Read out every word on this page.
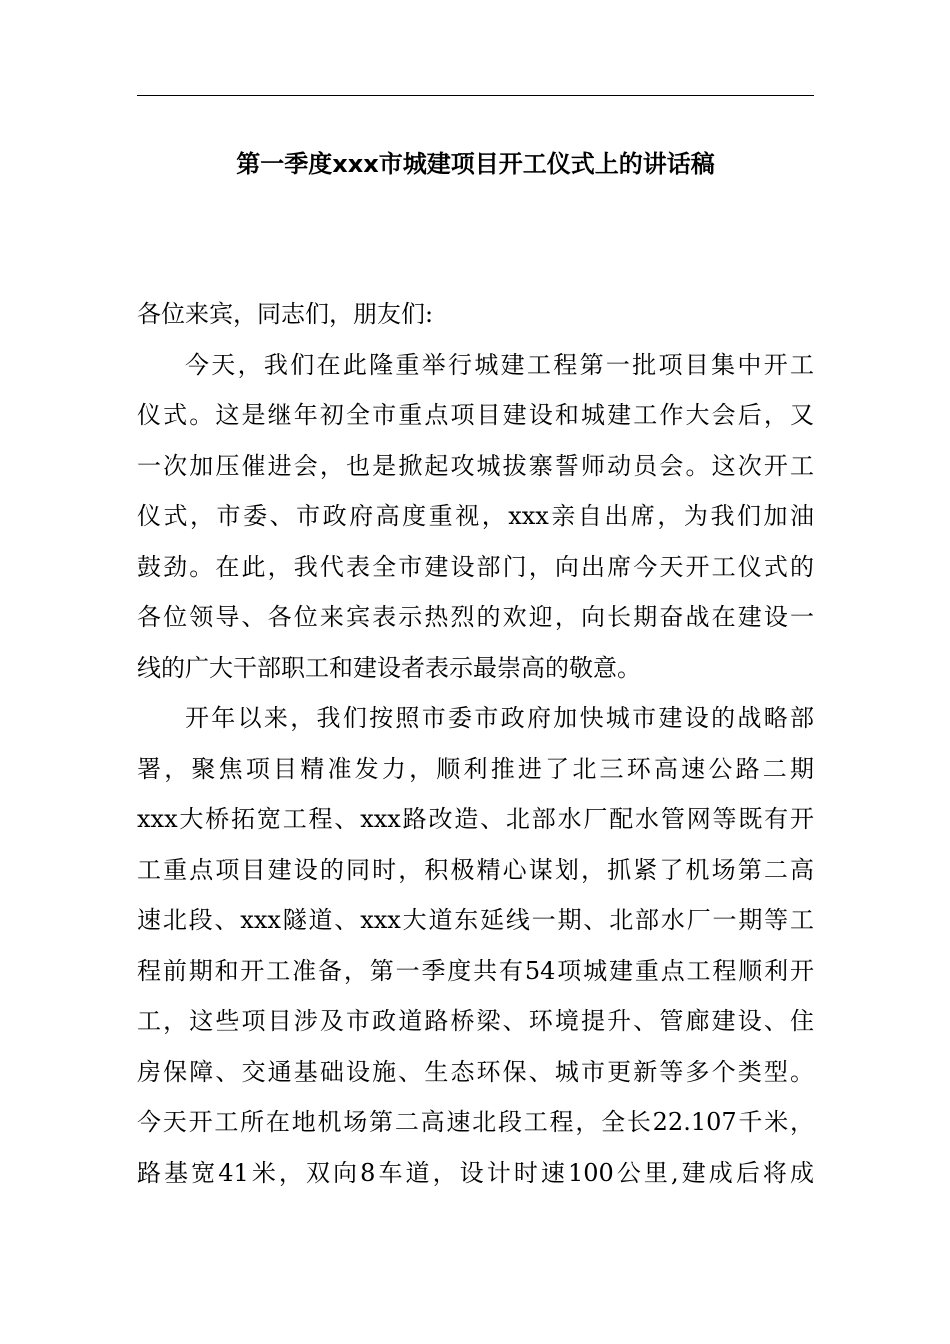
第一季度xxx市城建项目开工仪式上的讲话稿
各位来宾，同志们，朋友们:
今天，我们在此隆重举行城建工程第一批项目集中开工
仪式。这是继年初全市重点项目建设和城建工作大会后，又
一次加压催进会，也是掀起攻城拔寨誓师动员会。这次开工
仪式，市委、市政府高度重视，xxx亲自出席，为我们加油
鼓劲。在此，我代表全市建设部门，向出席今天开工仪式的
各位领导、各位来宾表示热烈的欢迎，向长期奋战在建设一
线的广大干部职工和建设者表示最崇高的敬意。
开年以来，我们按照市委市政府加快城市建设的战略部
署，聚焦项目精准发力，顺利推进了北三环高速公路二期
xxx大桥拓宽工程、xxx路改造、北部水厂配水管网等既有开
工重点项目建设的同时，积极精心谋划，抓紧了机场第二高
速北段、xxx隧道、xxx大道东延线一期、北部水厂一期等工
程前期和开工准备，第一季度共有54项城建重点工程顺利开
工，这些项目涉及市政道路桥梁、环境提升、管廊建设、住
房保障、交通基础设施、生态环保、城市更新等多个类型。
今天开工所在地机场第二高速北段工程，全长22.107千米，
路基宽41米，双向8车道，设计时速100公里,建成后将成
